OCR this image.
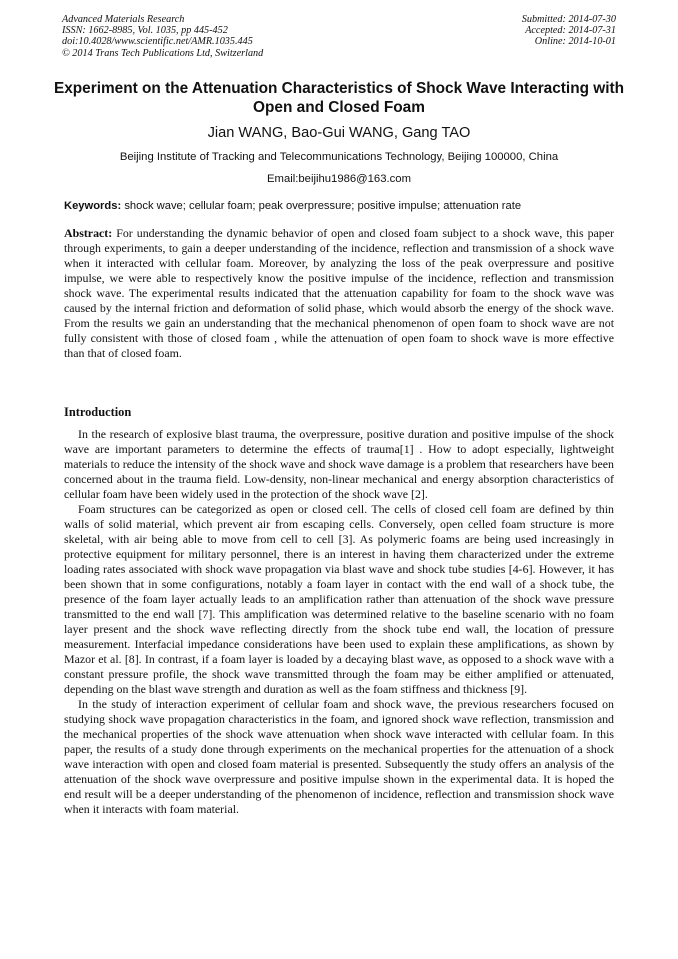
Advanced Materials Research
ISSN: 1662-8985, Vol. 1035, pp 445-452
doi:10.4028/www.scientific.net/AMR.1035.445
© 2014 Trans Tech Publications Ltd, Switzerland
Submitted: 2014-07-30
Accepted: 2014-07-31
Online: 2014-10-01
Experiment on the Attenuation Characteristics of Shock Wave Interacting with Open and Closed Foam
Jian WANG, Bao-Gui WANG, Gang TAO
Beijing Institute of Tracking and Telecommunications Technology, Beijing 100000, China
Email:beijihu1986@163.com
Keywords: shock wave; cellular foam; peak overpressure; positive impulse; attenuation rate
Abstract: For understanding the dynamic behavior of open and closed foam subject to a shock wave, this paper through experiments, to gain a deeper understanding of the incidence, reflection and transmission of a shock wave when it interacted with cellular foam. Moreover, by analyzing the loss of the peak overpressure and positive impulse, we were able to respectively know the positive impulse of the incidence, reflection and transmission shock wave. The experimental results indicated that the attenuation capability for foam to the shock wave was caused by the internal friction and deformation of solid phase, which would absorb the energy of the shock wave. From the results we gain an understanding that the mechanical phenomenon of open foam to shock wave are not fully consistent with those of closed foam , while the attenuation of open foam to shock wave is more effective than that of closed foam.
Introduction

In the research of explosive blast trauma, the overpressure, positive duration and positive impulse of the shock wave are important parameters to determine the effects of trauma[1] . How to adopt especially, lightweight materials to reduce the intensity of the shock wave and shock wave damage is a problem that researchers have been concerned about in the trauma field. Low-density, non-linear mechanical and energy absorption characteristics of cellular foam have been widely used in the protection of the shock wave [2].

Foam structures can be categorized as open or closed cell. The cells of closed cell foam are defined by thin walls of solid material, which prevent air from escaping cells. Conversely, open celled foam structure is more skeletal, with air being able to move from cell to cell [3]. As polymeric foams are being used increasingly in protective equipment for military personnel, there is an interest in having them characterized under the extreme loading rates associated with shock wave propagation via blast wave and shock tube studies [4-6]. However, it has been shown that in some configurations, notably a foam layer in contact with the end wall of a shock tube, the presence of the foam layer actually leads to an amplification rather than attenuation of the shock wave pressure transmitted to the end wall [7]. This amplification was determined relative to the baseline scenario with no foam layer present and the shock wave reflecting directly from the shock tube end wall, the location of pressure measurement. Interfacial impedance considerations have been used to explain these amplifications, as shown by Mazor et al. [8]. In contrast, if a foam layer is loaded by a decaying blast wave, as opposed to a shock wave with a constant pressure profile, the shock wave transmitted through the foam may be either amplified or attenuated, depending on the blast wave strength and duration as well as the foam stiffness and thickness [9].

In the study of interaction experiment of cellular foam and shock wave, the previous researchers focused on studying shock wave propagation characteristics in the foam, and ignored shock wave reflection, transmission and the mechanical properties of the shock wave attenuation when shock wave interacted with cellular foam. In this paper, the results of a study done through experiments on the mechanical properties for the attenuation of a shock wave interaction with open and closed foam material is presented. Subsequently the study offers an analysis of the attenuation of the shock wave overpressure and positive impulse shown in the experimental data. It is hoped the end result will be a deeper understanding of the phenomenon of incidence, reflection and transmission shock wave when it interacts with foam material.
